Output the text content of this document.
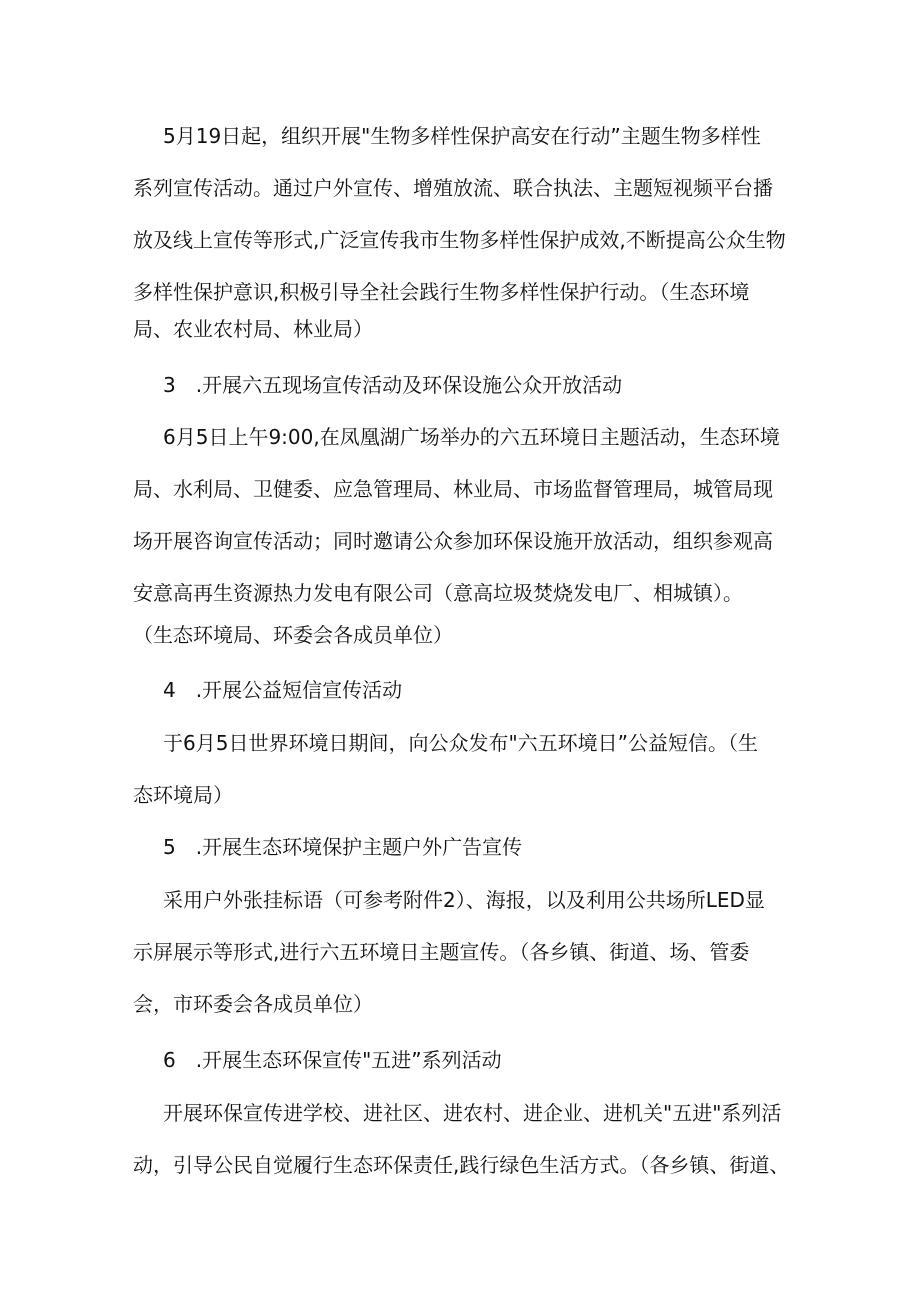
5月19日起，组织开展"生物多样性保护高安在行动”主题生物多样性
系列宣传活动。通过户外宣传、增殖放流、联合执法、主题短视频平台播
放及线上宣传等形式,广泛宣传我市生物多样性保护成效,不断提高公众生物
多样性保护意识,积极引导全社会践行生物多样性保护行动。（生态环境
局、农业农村局、林业局）
3　.开展六五现场宣传活动及环保设施公众开放活动
6月5日上午9:00,在凤凰湖广场举办的六五环境日主题活动，生态环境
局、水利局、卫健委、应急管理局、林业局、市场监督管理局，城管局现
场开展咨询宣传活动；同时邀请公众参加环保设施开放活动，组织参观高
安意高再生资源热力发电有限公司（意高垃圾焚烧发电厂、相城镇）。
（生态环境局、环委会各成员单位）
4　.开展公益短信宣传活动
于6月5日世界环境日期间，向公众发布"六五环境日”公益短信。（生
态环境局）
5　.开展生态环境保护主题户外广告宣传
采用户外张挂标语（可参考附件2）、海报，以及利用公共场所LED显
示屏展示等形式,进行六五环境日主题宣传。（各乡镇、街道、场、管委
会，市环委会各成员单位）
6　.开展生态环保宣传"五进”系列活动
开展环保宣传进学校、进社区、进农村、进企业、进机关"五进"系列活
动，引导公民自觉履行生态环保责任,践行绿色生活方式。（各乡镇、街道、
